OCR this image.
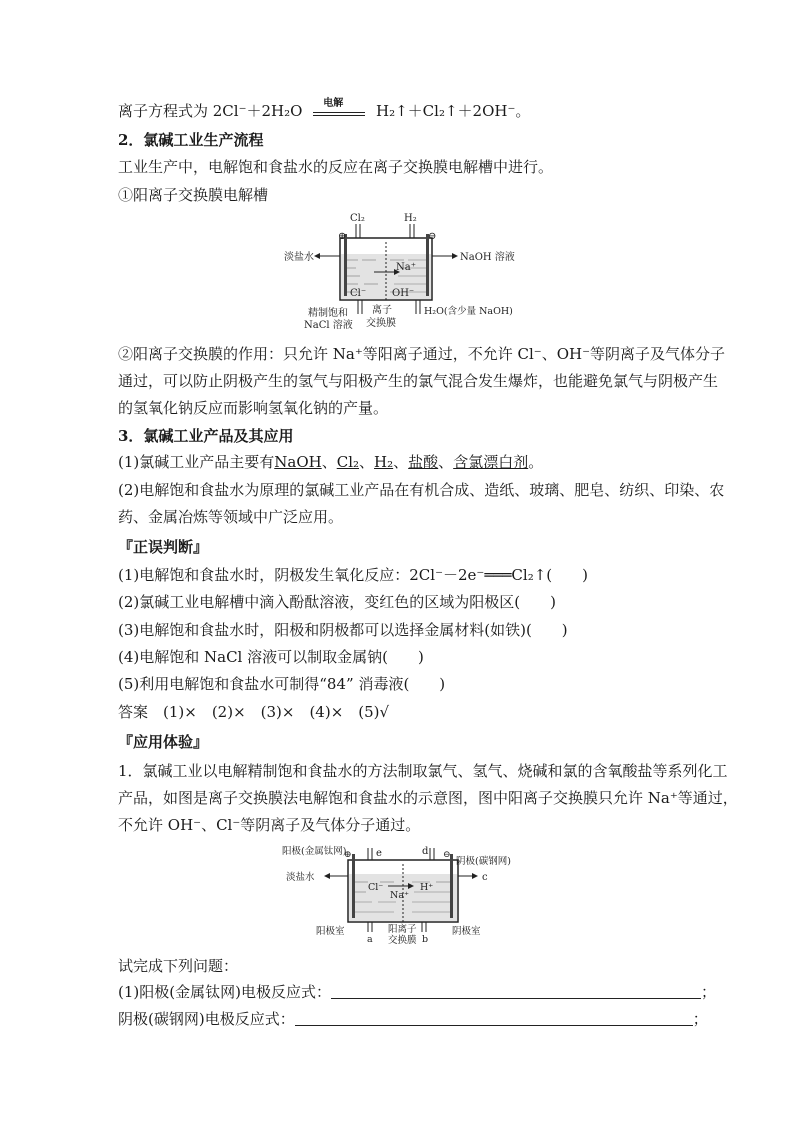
离子方程式为 2Cl⁻＋2H₂O 电解 H₂↑＋Cl₂↑＋2OH⁻。
2．氯碱工业生产流程
工业生产中，电解饱和食盐水的反应在离子交换膜电解槽中进行。
①阳离子交换膜电解槽
Cl₂	H₂
⊕	⊖
淡盐水	NaOH 溶液
Na⁺
Cl⁻	OH⁻
精制饱和
NaCl 溶液
离子
交换膜
H₂O(含少量 NaOH)
②阳离子交换膜的作用：只允许 Na⁺等阳离子通过，不允许 Cl⁻、OH⁻等阴离子及气体分子
通过，可以防止阴极产生的氢气与阳极产生的氯气混合发生爆炸，也能避免氯气与阴极产生
的氢氧化钠反应而影响氢氧化钠的产量。
3．氯碱工业产品及其应用
(1)氯碱工业产品主要有NaOH、Cl₂、H₂、盐酸、含氯漂白剂。
(2)电解饱和食盐水为原理的氯碱工业产品在有机合成、造纸、玻璃、肥皂、纺织、印染、农
药、金属冶炼等领域中广泛应用。
『正误判断』
(1)电解饱和食盐水时，阴极发生氧化反应：2Cl⁻－2e⁻═══Cl₂↑(　　)
(2)氯碱工业电解槽中滴入酚酞溶液，变红色的区域为阳极区(　　)
(3)电解饱和食盐水时，阳极和阴极都可以选择金属材料(如铁)(　　)
(4)电解饱和 NaCl 溶液可以制取金属钠(　　)
(5)利用电解饱和食盐水可制得“84” 消毒液(　　)
答案　(1)×　(2)×　(3)×　(4)×　(5)√
『应用体验』
1．氯碱工业以电解精制饱和食盐水的方法制取氯气、氢气、烧碱和氯的含氧酸盐等系列化工
产品，如图是离子交换膜法电解饱和食盐水的示意图，图中阳离子交换膜只允许 Na⁺等通过，
不允许 OH⁻、Cl⁻等阴离子及气体分子通过。
阳极(金属钛网)
阴极(碳钢网)
⊕	⊖
e	d
c
淡盐水
Cl⁻
Na⁺
H⁺
阳极室	阴极室
a	b
阳离子
交换膜
试完成下列问题：
(1)阳极(金属钛网)电极反应式：	；
阴极(碳钢网)电极反应式：	；
